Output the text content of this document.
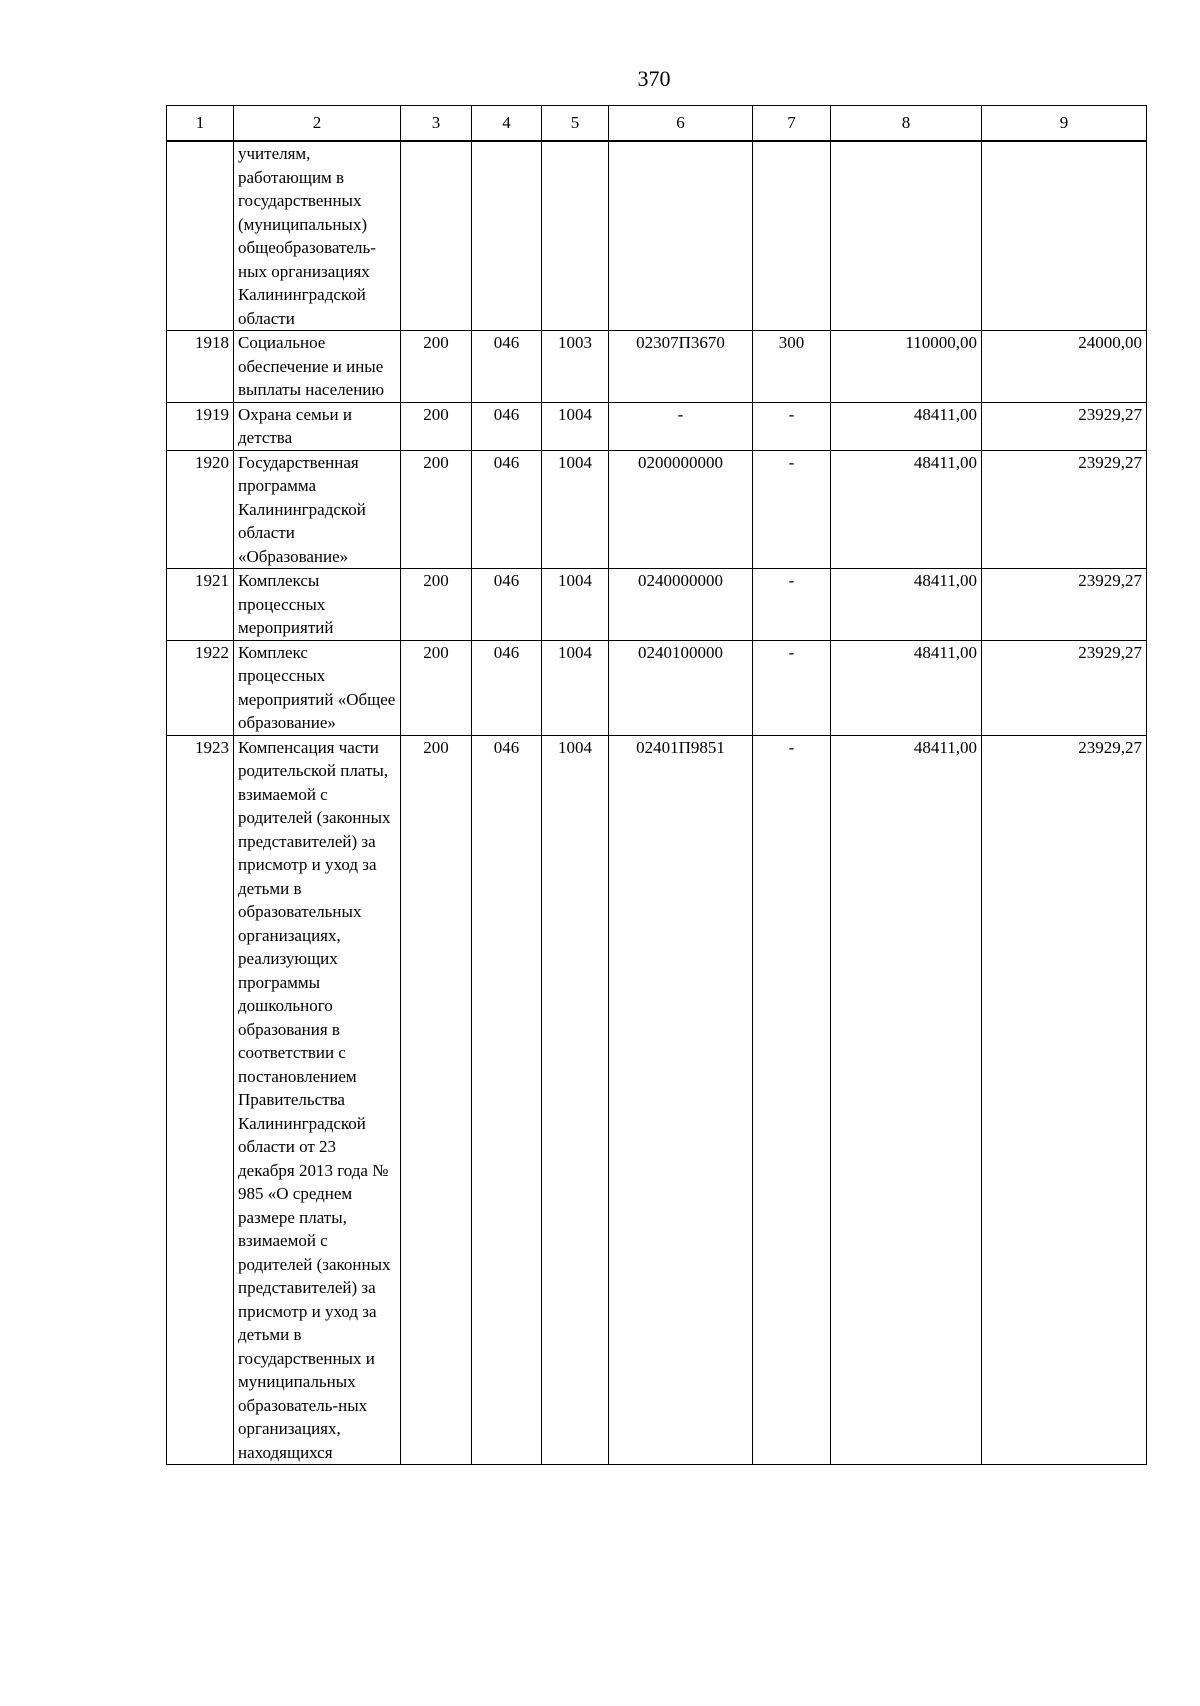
370
1	2	3	4	5	6	7	8	9
	учителям, работающим в государственных (муниципальных) общеобразователь-ных организациях Калининградской области							
1918	Социальное обеспечение и иные выплаты населению	200	046	1003	02307П3670	300	110000,00	24000,00
1919	Охрана семьи и детства	200	046	1004	-	-	48411,00	23929,27
1920	Государственная программа Калининградской области «Образование»	200	046	1004	0200000000	-	48411,00	23929,27
1921	Комплексы процессных мероприятий	200	046	1004	0240000000	-	48411,00	23929,27
1922	Комплекс процессных мероприятий «Общее образование»	200	046	1004	0240100000	-	48411,00	23929,27
1923	Компенсация части родительской платы, взимаемой с родителей (законных представителей) за присмотр и уход за детьми в образовательных организациях, реализующих программы дошкольного образования в соответствии с постановлением Правительства Калининградской области от 23 декабря 2013 года № 985 «О среднем размере платы, взимаемой с родителей (законных представителей) за присмотр и уход за детьми в государственных и муниципальных образователь-ных организациях, находящихся	200	046	1004	02401П9851	-	48411,00	23929,27
